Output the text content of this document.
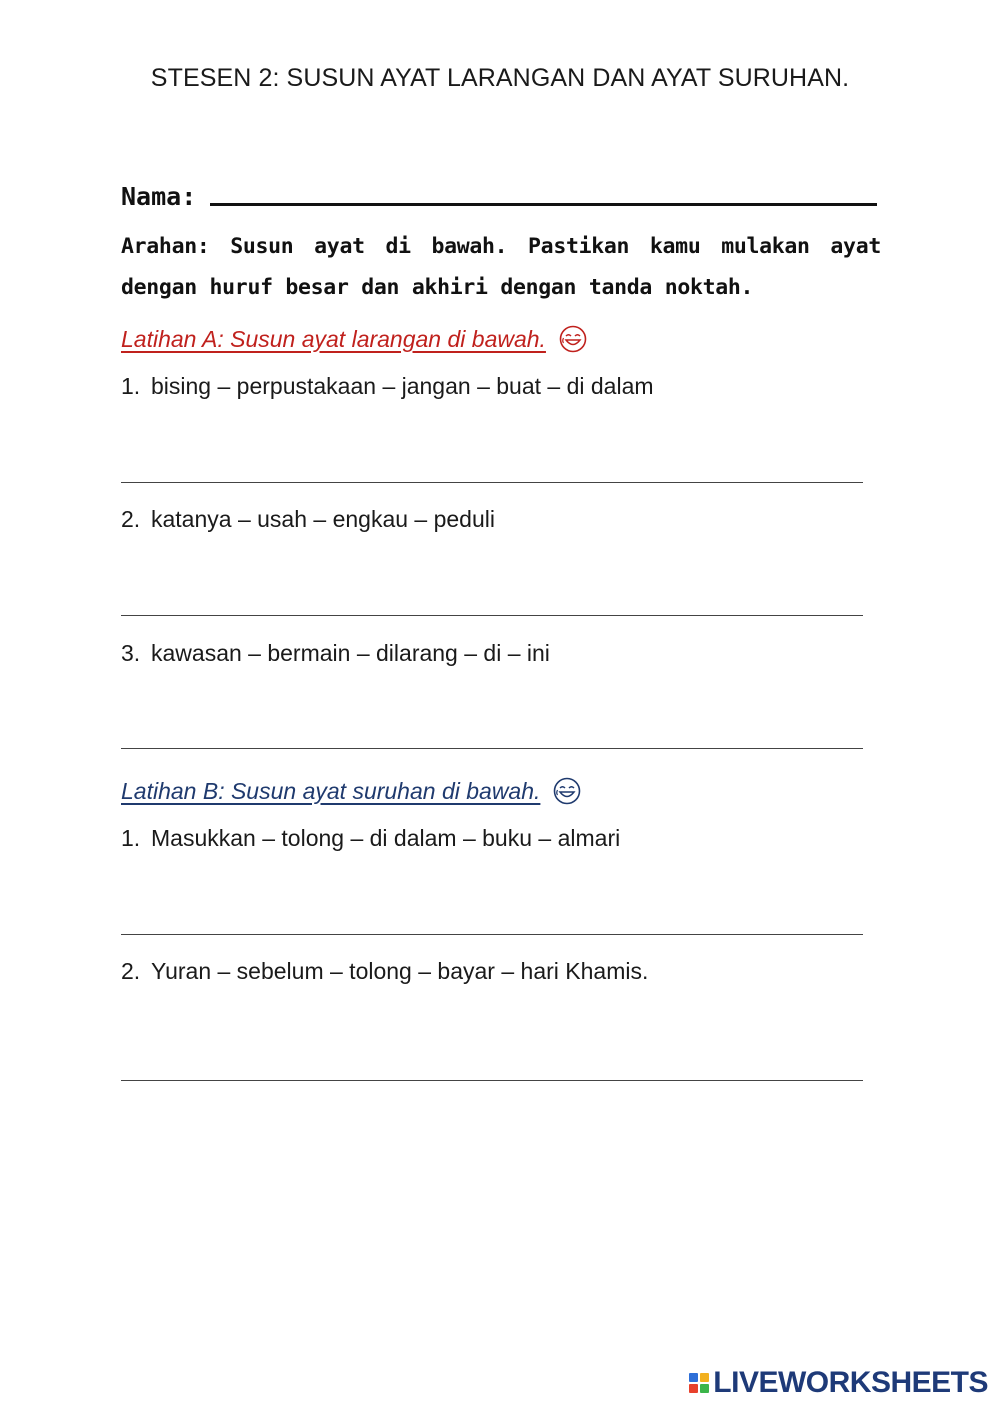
STESEN 2: SUSUN AYAT LARANGAN DAN AYAT SURUHAN.
Nama:
Arahan: Susun ayat di bawah. Pastikan kamu mulakan ayat dengan huruf besar dan akhiri dengan tanda noktah.
Latihan A: Susun ayat larangan di bawah.
1. bising – perpustakaan – jangan – buat – di dalam
2. katanya – usah – engkau – peduli
3. kawasan – bermain – dilarang – di – ini
Latihan B: Susun ayat suruhan di bawah.
1. Masukkan – tolong – di dalam – buku – almari
2. Yuran – sebelum – tolong – bayar – hari Khamis.
LIVEWORKSHEETS
